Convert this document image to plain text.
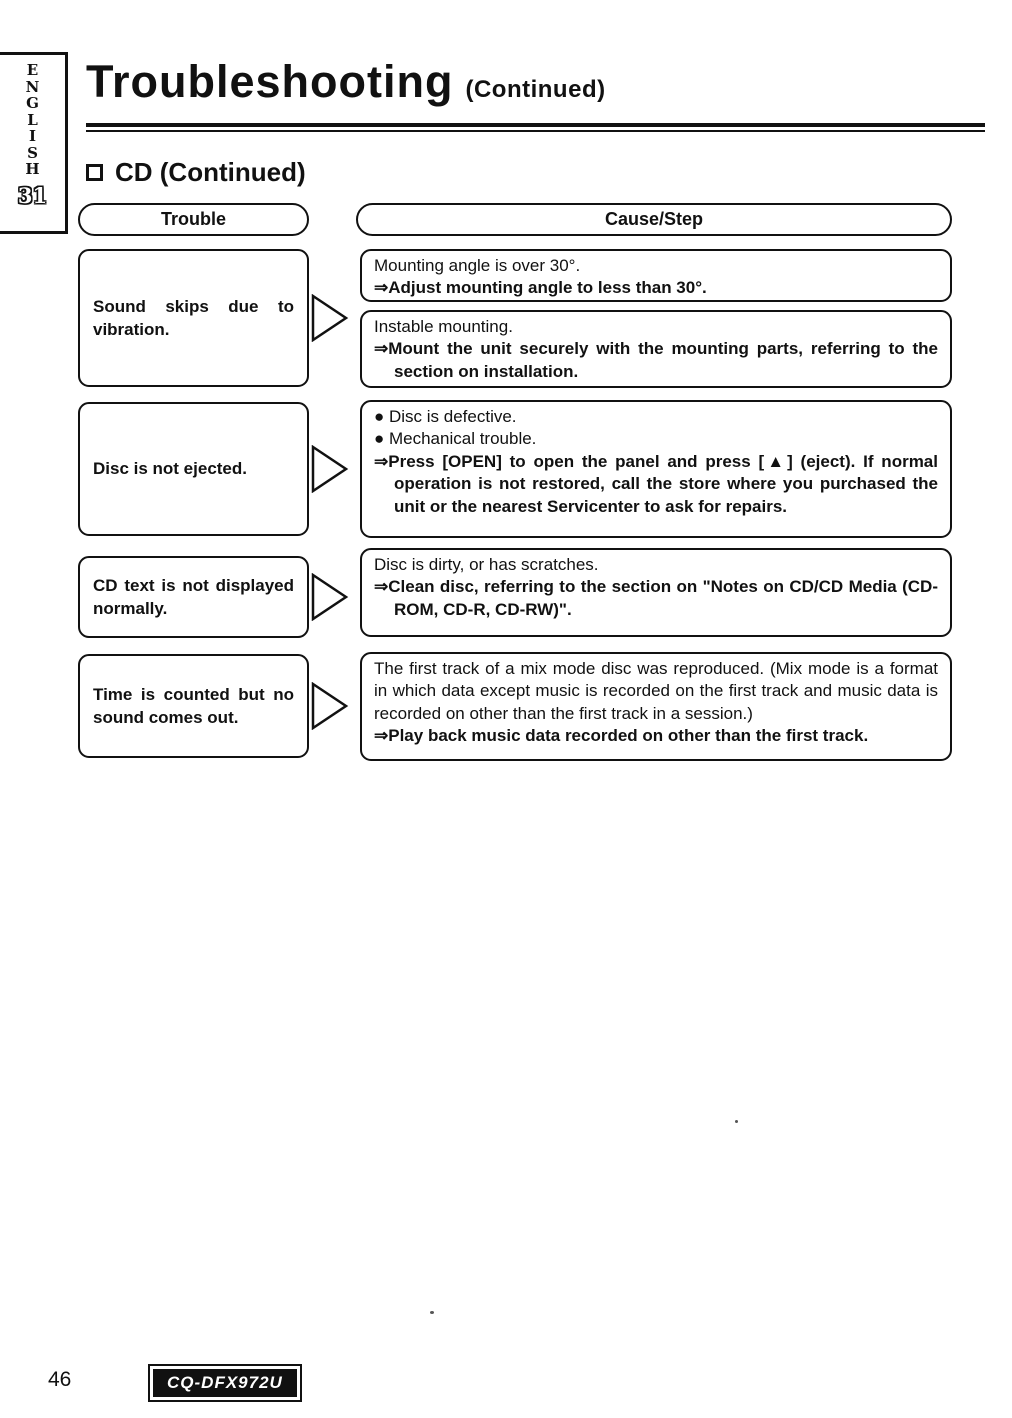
E
N
G
L
I
S
H
31
Troubleshooting (Continued)
CD (Continued)
Trouble	Cause/Step
Sound skips due to vibration.

Mounting angle is over 30°.

⇒Adjust mounting angle to less than 30°.

Instable mounting.

⇒Mount the unit securely with the mounting parts, referring to the section on installation.

Disc is not ejected.

● Disc is defective.

● Mechanical trouble.

⇒Press [OPEN] to open the panel and press [▲] (eject). If normal operation is not restored, call the store where you purchased the unit or the nearest Servicenter to ask for repairs.

CD text is not displayed normally.

Disc is dirty, or has scratches.

⇒Clean disc, referring to the section on "Notes on CD/CD Media (CD-ROM, CD-R, CD-RW)".

Time is counted but no sound comes out.

The first track of a mix mode disc was reproduced. (Mix mode is a format in which data except music is recorded on the first track and music data is recorded on other than the first track in a session.)

⇒Play back music data recorded on other than the first track.

46	CQ-DFX972U
